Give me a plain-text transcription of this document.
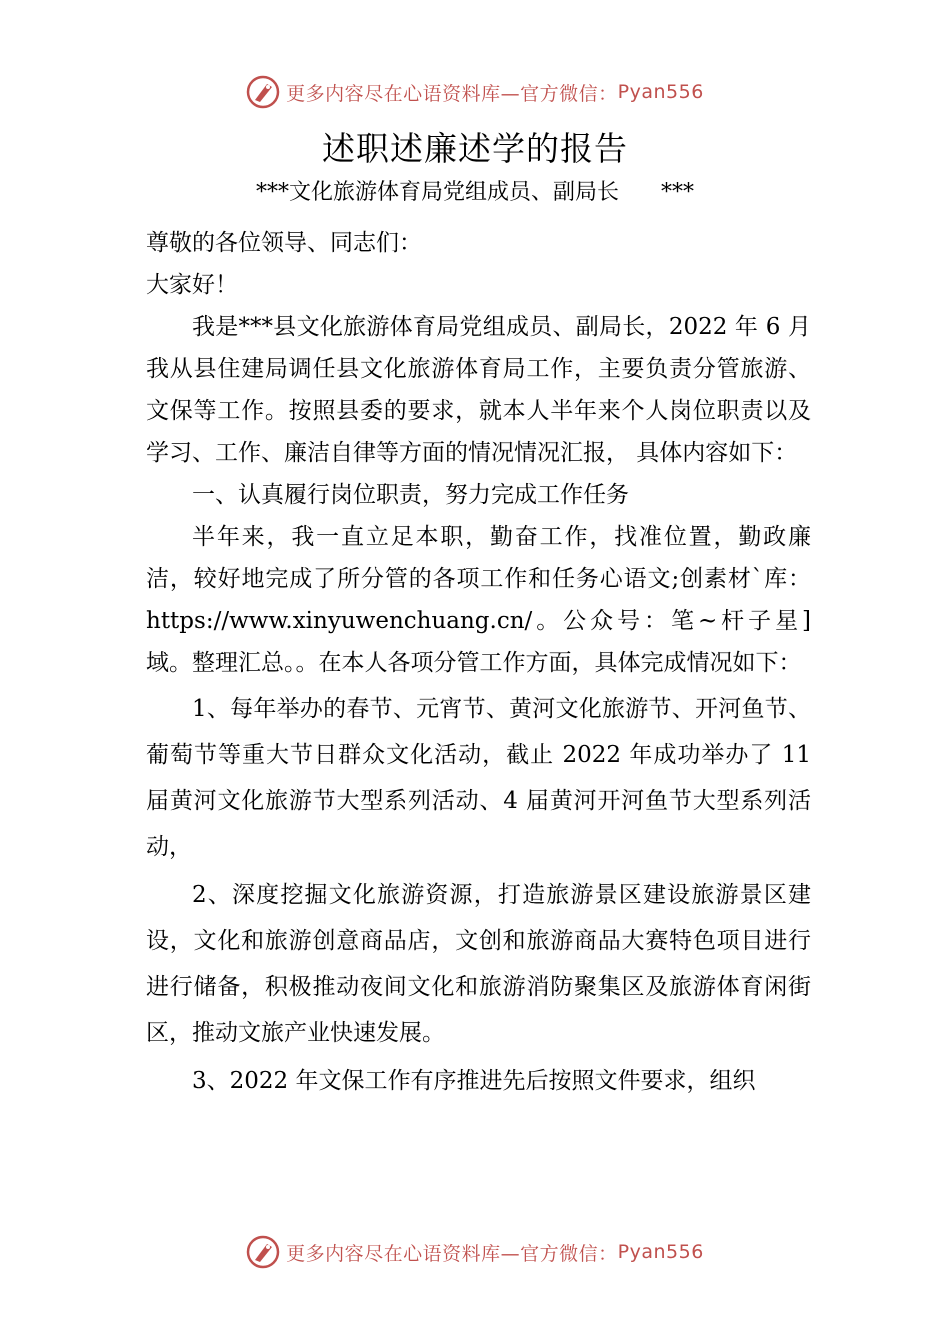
更多内容尽在心语资料库—官方微信： Pyan556
述职述廉述学的报告
***文化旅游体育局党组成员、副局长      ***

尊敬的各位领导、同志们：

大家好！

我是***县文化旅游体育局党组成员、副局长，2022 年 6 月我从县住建局调任县文化旅游体育局工作，主要负责分管旅游、文保等工作。按照县委的要求，就本人半年来个人岗位职责以及学习、工作、廉洁自律等方面的情况情况汇报， 具体内容如下：

一、认真履行岗位职责，努力完成工作任务

半年来，我一直立足本职，勤奋工作，找准位置，勤政廉洁，较好地完成了所分管的各项工作和任务心语文;创素材`库：https://www.xinyuwenchuang.cn/。公众号：笔~杆子星]域。整理汇总。。在本人各项分管工作方面，具体完成情况如下：

1、每年举办的春节、元宵节、黄河文化旅游节、开河鱼节、葡萄节等重大节日群众文化活动，截止 2022 年成功举办了 11 届黄河文化旅游节大型系列活动、4 届黄河开河鱼节大型系列活动，

2、深度挖掘文化旅游资源，打造旅游景区建设旅游景区建设，文化和旅游创意商品店，文创和旅游商品大赛特色项目进行进行储备，积极推动夜间文化和旅游消防聚集区及旅游体育闲街区，推动文旅产业快速发展。

3、2022 年文保工作有序推进先后按照文件要求，组织

更多内容尽在心语资料库—官方微信： Pyan556
